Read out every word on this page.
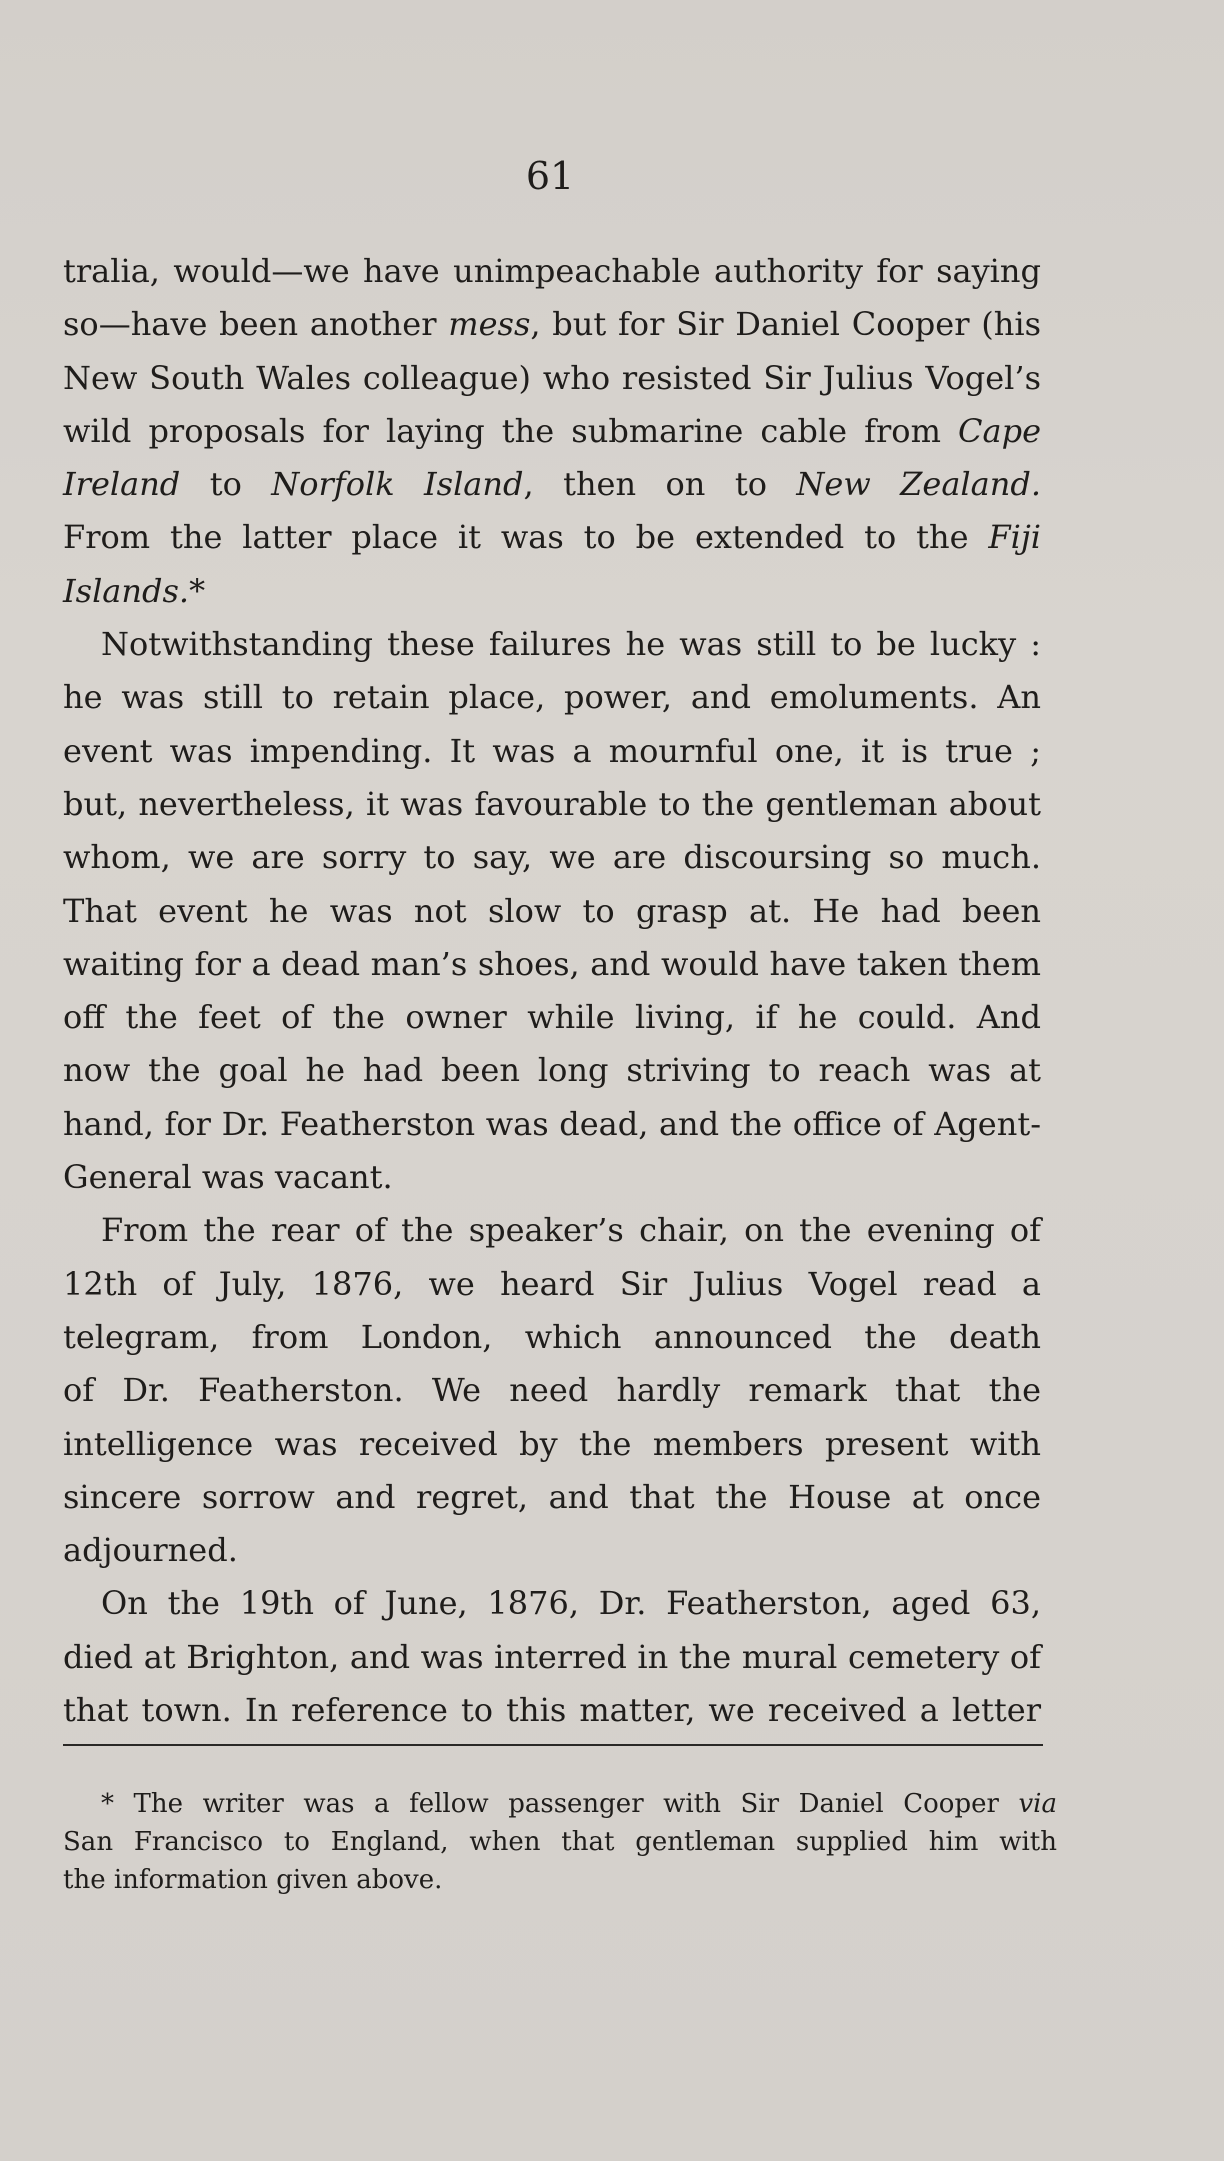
61
tralia, would—we have unimpeachable authority for saying
so—have been another mess, but for Sir Daniel Cooper (his
New South Wales colleague) who resisted Sir Julius Vogel’s
wild proposals for laying the submarine cable from Cape
Ireland to Norfolk Island, then on to New Zealand.
From the latter place it was to be extended to the Fiji
Islands.*
Notwithstanding these failures he was still to be lucky :
he was still to retain place, power, and emoluments. An
event was impending. It was a mournful one, it is true ;
but, nevertheless, it was favourable to the gentleman about
whom, we are sorry to say, we are discoursing so much.
That event he was not slow to grasp at. He had been
waiting for a dead man’s shoes, and would have taken them
off the feet of the owner while living, if he could. And
now the goal he had been long striving to reach was at
hand, for Dr. Featherston was dead, and the office of Agent-
General was vacant.
From the rear of the speaker’s chair, on the evening of
12th of July, 1876, we heard Sir Julius Vogel read a
telegram, from London, which announced the death
of Dr. Featherston. We need hardly remark that the
intelligence was received by the members present with
sincere sorrow and regret, and that the House at once
adjourned.
On the 19th of June, 1876, Dr. Featherston, aged 63,
died at Brighton, and was interred in the mural cemetery of
that town. In reference to this matter, we received a letter
* The writer was a fellow passenger with Sir Daniel Cooper via
San Francisco to England, when that gentleman supplied him with
the information given above.
